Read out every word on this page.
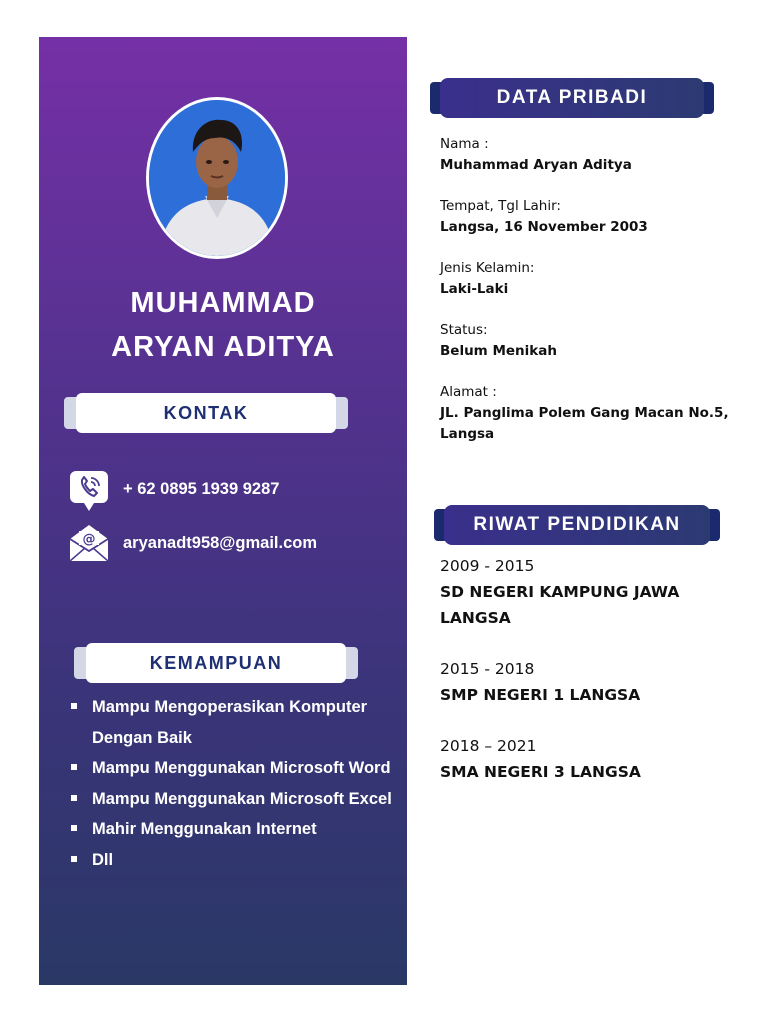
MUHAMMAD
ARYAN ADITYA
KONTAK
+ 62 0895 1939 9287
@ aryanadt958@gmail.com
KEMAMPUAN
Mampu Mengoperasikan Komputer Dengan Baik
Mampu Menggunakan Microsoft Word
Mampu Menggunakan Microsoft Excel
Mahir Menggunakan Internet
Dll
DATA PRIBADI
Nama :
Muhammad Aryan Aditya
Tempat, Tgl Lahir:
Langsa, 16 November 2003
Jenis Kelamin:
Laki-Laki
Status:
Belum Menikah
Alamat :
JL. Panglima Polem Gang Macan No.5, Langsa
RIWAT PENDIDIKAN
2009 - 2015
SD NEGERI KAMPUNG JAWA LANGSA
2015 - 2018
SMP NEGERI 1 LANGSA
2018 – 2021
SMA NEGERI 3 LANGSA
